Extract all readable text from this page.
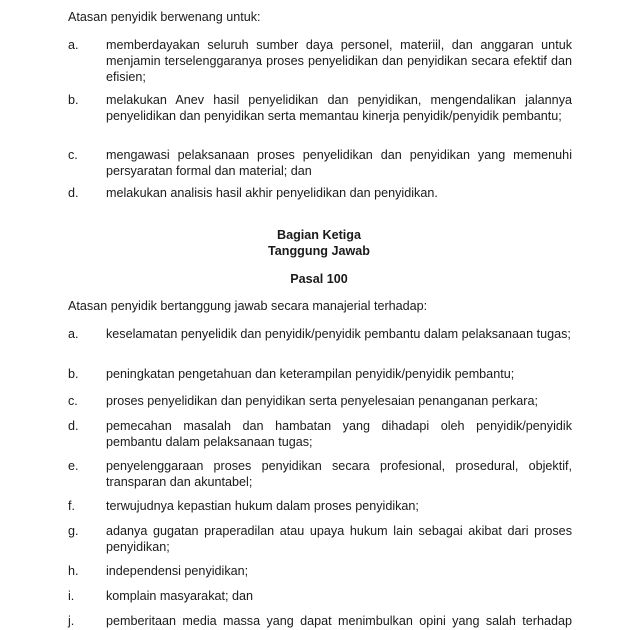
Atasan penyidik berwenang untuk:

a.	memberdayakan seluruh sumber daya personel, materiil, dan anggaran untuk menjamin terselenggaranya proses penyelidikan dan penyidikan secara efektif dan efisien;
b.	melakukan Anev hasil penyelidikan dan penyidikan, mengendalikan jalannya penyelidikan dan penyidikan serta memantau kinerja penyidik/penyidik pembantu;
c.	mengawasi pelaksanaan proses penyelidikan dan penyidikan yang memenuhi persyaratan formal dan material; dan
d.	melakukan analisis hasil akhir penyelidikan dan penyidikan.

Bagian Ketiga

Tanggung Jawab

Pasal 100

Atasan penyidik bertanggung jawab secara manajerial terhadap:

a.	keselamatan penyelidik dan penyidik/penyidik pembantu dalam pelaksanaan tugas;
b.	peningkatan pengetahuan dan keterampilan penyidik/penyidik pembantu;
c.	proses penyelidikan dan penyidikan serta penyelesaian penanganan perkara;
d.	pemecahan masalah dan hambatan yang dihadapi oleh penyidik/penyidik pembantu dalam pelaksanaan tugas;
e.	penyelenggaraan proses penyidikan secara profesional, prosedural, objektif, transparan dan akuntabel;
f.	terwujudnya kepastian hukum dalam proses penyidikan;
g.	adanya gugatan praperadilan atau upaya hukum lain sebagai akibat dari proses penyidikan;
h.	independensi penyidikan;
i.	komplain masyarakat; dan
j.	pemberitaan media massa yang dapat menimbulkan opini yang salah terhadap
